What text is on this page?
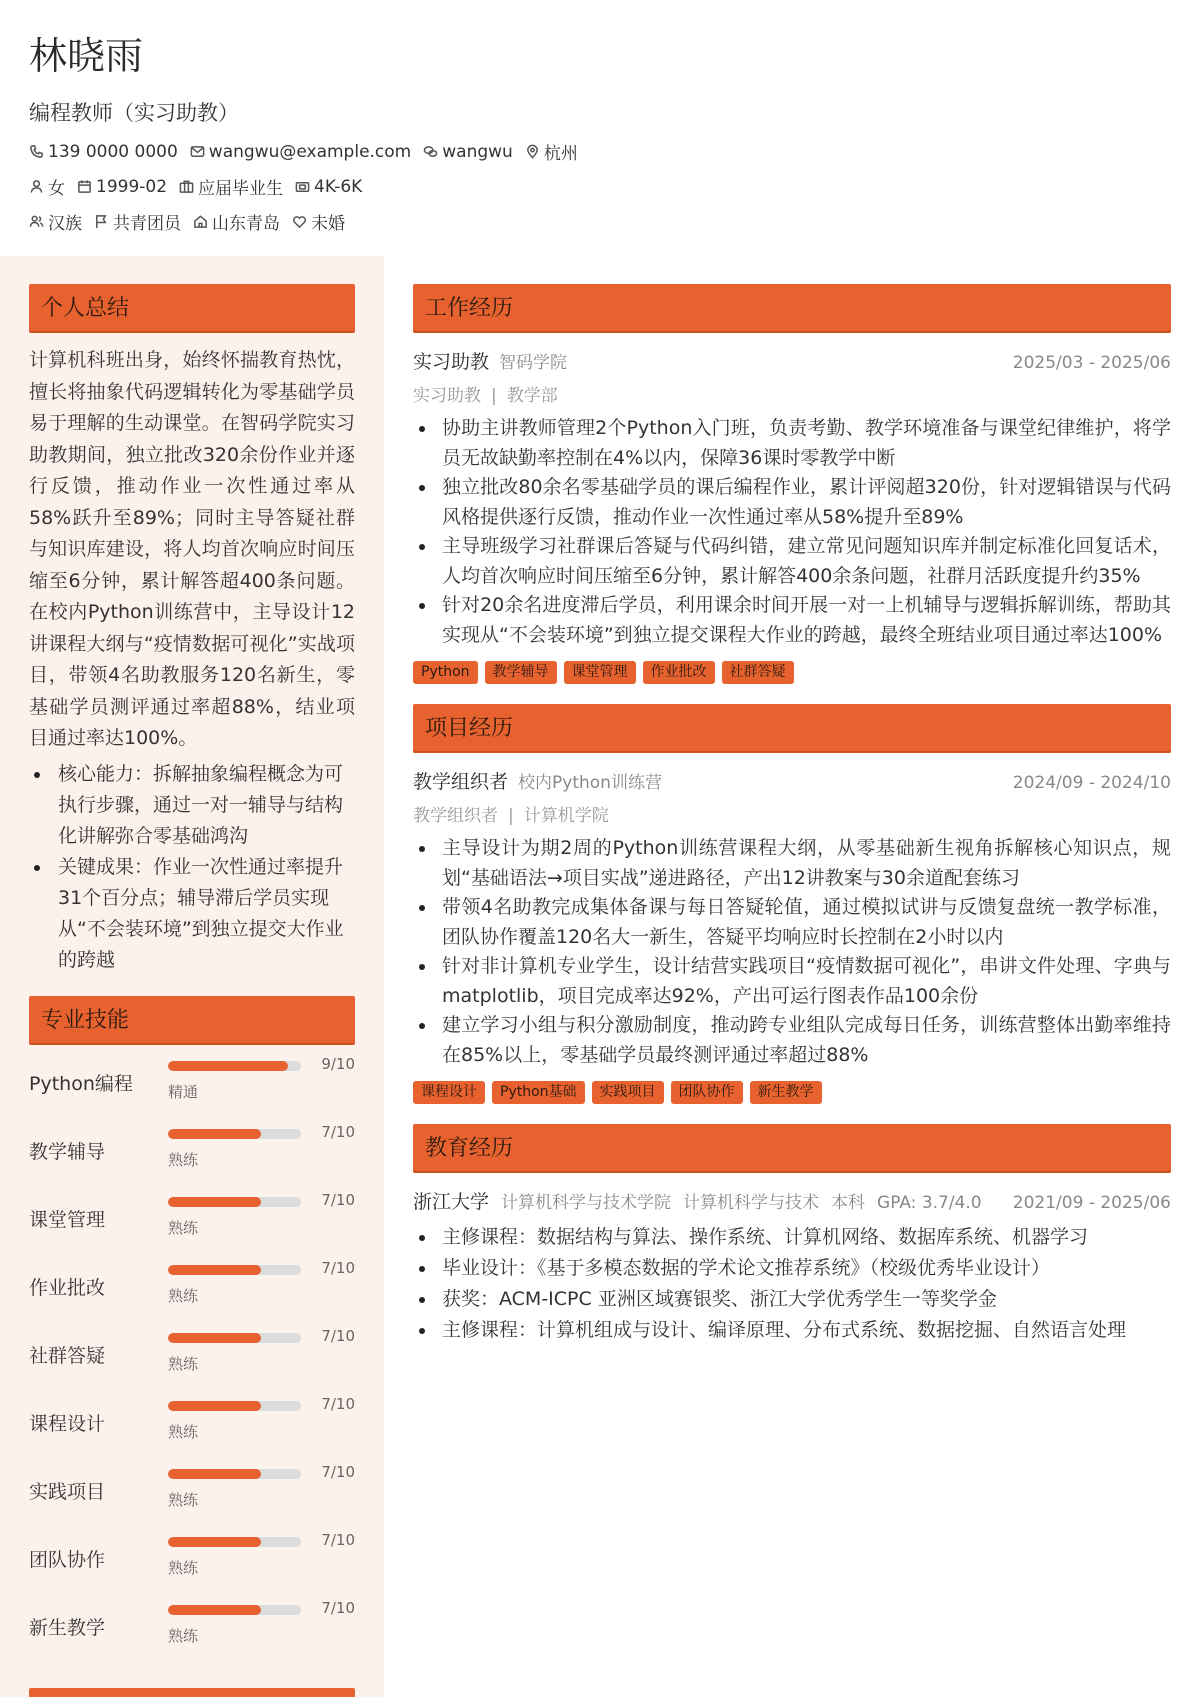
林晓雨
编程教师（实习助教）
139 0000 0000 wangwu@example.com wangwu 杭州
女 1999-02 应届毕业生 4K-6K
汉族 共青团员 山东青岛 未婚
个人总结

计算机科班出身，始终怀揣教育热忱，擅长将抽象代码逻辑转化为零基础学员易于理解的生动课堂。在智码学院实习助教期间，独立批改320余份作业并逐行反馈，推动作业一次性通过率从58%跃升至89%；同时主导答疑社群与知识库建设，将人均首次响应时间压缩至6分钟，累计解答超400条问题。在校内Python训练营中，主导设计12讲课程大纲与“疫情数据可视化”实战项目，带领4名助教服务120名新生，零基础学员测评通过率超88%，结业项目通过率达100%。

核心能力：拆解抽象编程概念为可执行步骤，通过一对一辅导与结构化讲解弥合零基础鸿沟
关键成果：作业一次性通过率提升31个百分点；辅导滞后学员实现从“不会装环境”到独立提交大作业的跨越
专业技能
Python编程
9/10
精通
教学辅导
7/10
熟练
课堂管理
7/10
熟练
作业批改
7/10
熟练
社群答疑
7/10
熟练
课程设计
7/10
熟练
实践项目
7/10
熟练
团队协作
7/10
熟练
新生教学
7/10
熟练
工作经历
实习助教 智码学院	2025/03 - 2025/06
实习助教 | 教学部
协助主讲教师管理2个Python入门班，负责考勤、教学环境准备与课堂纪律维护，将学员无故缺勤率控制在4%以内，保障36课时零教学中断
独立批改80余名零基础学员的课后编程作业，累计评阅超320份，针对逻辑错误与代码风格提供逐行反馈，推动作业一次性通过率从58%提升至89%
主导班级学习社群课后答疑与代码纠错，建立常见问题知识库并制定标准化回复话术，人均首次响应时间压缩至6分钟，累计解答400余条问题，社群月活跃度提升约35%
针对20余名进度滞后学员，利用课余时间开展一对一上机辅导与逻辑拆解训练，帮助其实现从“不会装环境”到独立提交课程大作业的跨越，最终全班结业项目通过率达100%
Python	教学辅导	课堂管理	作业批改	社群答疑
项目经历
教学组织者 校内Python训练营	2024/09 - 2024/10
教学组织者 | 计算机学院
主导设计为期2周的Python训练营课程大纲，从零基础新生视角拆解核心知识点，规划“基础语法→项目实战”递进路径，产出12讲教案与30余道配套练习
带领4名助教完成集体备课与每日答疑轮值，通过模拟试讲与反馈复盘统一教学标准，团队协作覆盖120名大一新生，答疑平均响应时长控制在2小时以内
针对非计算机专业学生，设计结营实践项目“疫情数据可视化”，串讲文件处理、字典与matplotlib，项目完成率达92%，产出可运行图表作品100余份
建立学习小组与积分激励制度，推动跨专业组队完成每日任务，训练营整体出勤率维持在85%以上，零基础学员最终测评通过率超过88%
课程设计	Python基础	实践项目	团队协作	新生教学
教育经历
浙江大学 计算机科学与技术学院 计算机科学与技术 本科 GPA: 3.7/4.0 2021/09 - 2025/06
主修课程：数据结构与算法、操作系统、计算机网络、数据库系统、机器学习
毕业设计：《基于多模态数据的学术论文推荐系统》（校级优秀毕业设计）
获奖：ACM-ICPC 亚洲区域赛银奖、浙江大学优秀学生一等奖学金
主修课程：计算机组成与设计、编译原理、分布式系统、数据挖掘、自然语言处理
